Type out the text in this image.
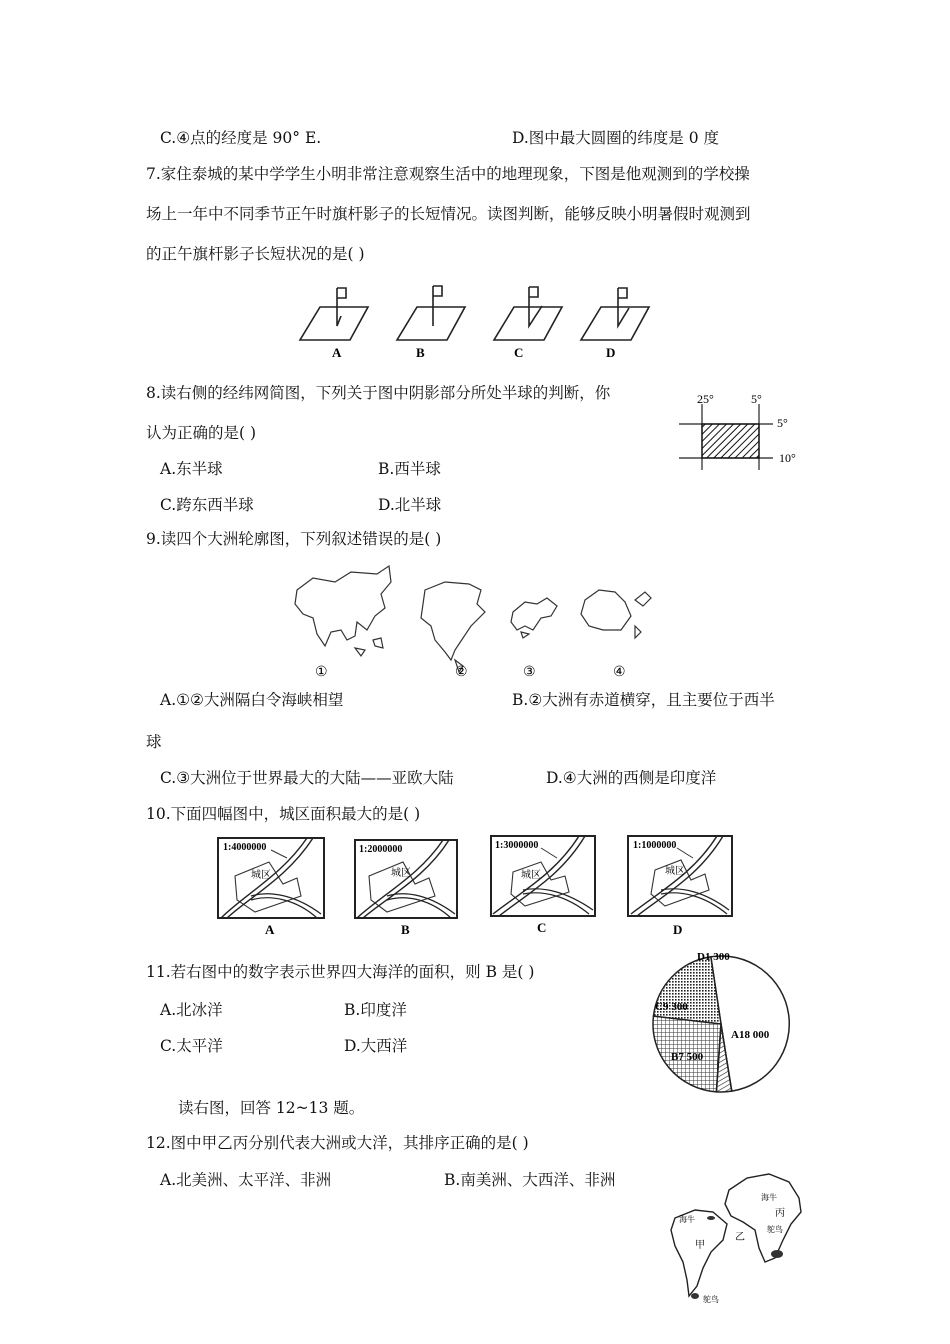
C.④点的经度是 90° E.	D.图中最大圆圈的纬度是 0 度
7.家住泰城的某中学学生小明非常注意观察生活中的地理现象，下图是他观测到的学校操
场上一年中不同季节正午时旗杆影子的长短情况。读图判断，能够反映小明暑假时观测到
的正午旗杆影子长短状况的是( )
A	B	C	D
8.读右侧的经纬网简图，下列关于图中阴影部分所处半球的判断，你
认为正确的是( )
A.东半球	B.西半球
C.跨东西半球	D.北半球
25°	5°
5°
10°
9.读四个大洲轮廓图，下列叙述错误的是( )
①	②	③	④
A.①②大洲隔白令海峡相望	B.②大洲有赤道横穿，且主要位于西半
球
C.③大洲位于世界最大的大陆——亚欧大陆	D.④大洲的西侧是印度洋
10.下面四幅图中，城区面积最大的是( )
1:4000000
城区
A
1:2000000
城区
B
1:3000000
城区
C
1:1000000
城区
D
11.若右图中的数字表示世界四大海洋的面积，则 B 是( )
A.北冰洋	B.印度洋
C.太平洋	D.大西洋
D1 300
C9 300
A18 000
B7 500
读右图，回答 12~13 题。
12.图中甲乙丙分别代表大洲或大洋，其排序正确的是( )
A.北美洲、太平洋、非洲	B.南美洲、大西洋、非洲
海牛
海牛
甲
乙
丙
鸵鸟
鸵鸟
